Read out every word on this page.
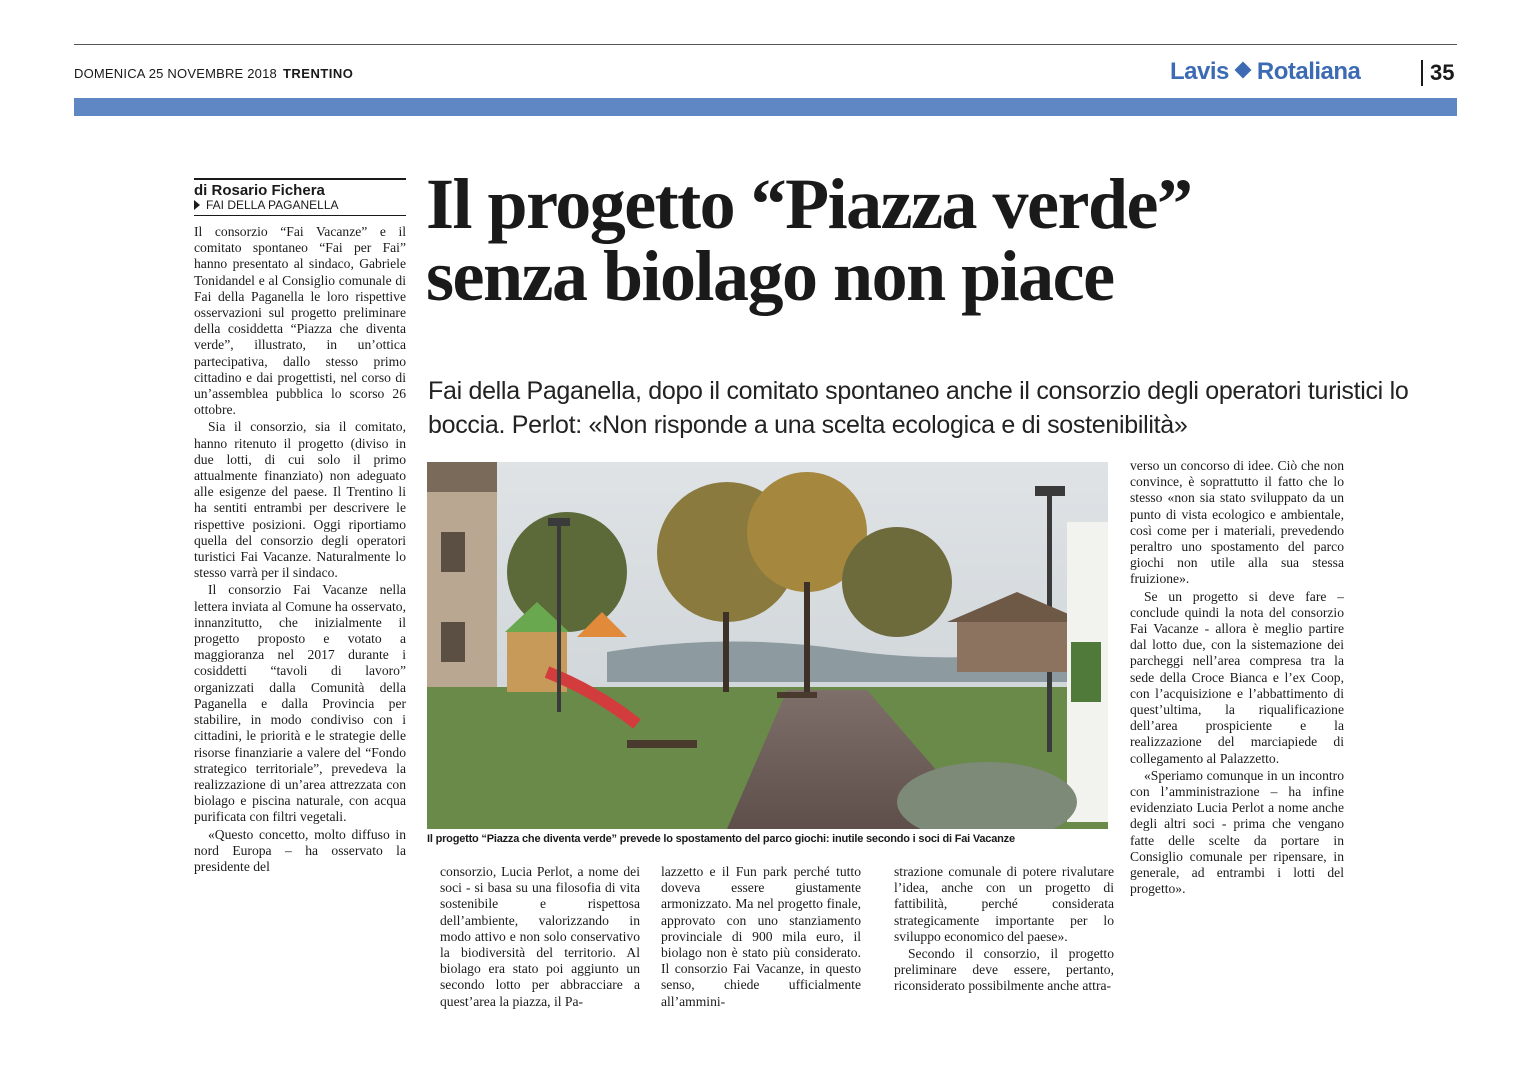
DOMENICA 25 NOVEMBRE 2018 TRENTINO	Lavis Rotaliana	35
di Rosario Fichera
FAI DELLA PAGANELLA	Il progetto “Piazza verde”
senza biolago non piace
Fai della Paganella, dopo il comitato spontaneo anche il consorzio degli operatori turistici lo boccia. Perlot: «Non risponde a una scelta ecologica e di sostenibilità»

Il consorzio “Fai Vacanze” e il comitato spontaneo “Fai per Fai” hanno presentato al sindaco, Gabriele Tonidandel e al Consiglio comunale di Fai della Paganella le loro rispettive osservazioni sul progetto preliminare della cosiddetta “Piazza che diventa verde”, illustrato, in un’ottica partecipativa, dallo stesso primo cittadino e dai progettisti, nel corso di un’assemblea pubblica lo scorso 26 ottobre.

Sia il consorzio, sia il comitato, hanno ritenuto il progetto (diviso in due lotti, di cui solo il primo attualmente finanziato) non adeguato alle esigenze del paese. Il Trentino li ha sentiti entrambi per descrivere le rispettive posizioni. Oggi riportiamo quella del consorzio degli operatori turistici Fai Vacanze. Naturalmente lo stesso varrà per il sindaco.

Il consorzio Fai Vacanze nella lettera inviata al Comune ha osservato, innanzitutto, che inizialmente il progetto proposto e votato a maggioranza nel 2017 durante i cosiddetti “tavoli di lavoro” organizzati dalla Comunità della Paganella e dalla Provincia per stabilire, in modo condiviso con i cittadini, le priorità e le strategie delle risorse finanziarie a valere del “Fondo strategico territoriale”, prevedeva la realizzazione di un’area attrezzata con biolago e piscina naturale, con acqua purificata con filtri vegetali.

«Questo concetto, molto diffuso in nord Europa – ha osservato la presidente del

Il progetto “Piazza che diventa verde” prevede lo spostamento del parco giochi: inutile secondo i soci di Fai Vacanze

consorzio, Lucia Perlot, a nome dei soci - si basa su una filosofia di vita sostenibile e rispettosa dell’ambiente, valorizzando in modo attivo e non solo conservativo la biodiversità del territorio. Al biolago era stato poi aggiunto un secondo lotto per abbracciare a quest’area la piazza, il Pa-

lazzetto e il Fun park perché tutto doveva essere giustamente armonizzato. Ma nel progetto finale, approvato con uno stanziamento provinciale di 900 mila euro, il biolago non è stato più considerato. Il consorzio Fai Vacanze, in questo senso, chiede ufficialmente all’ammini-

strazione comunale di potere rivalutare l’idea, anche con un progetto di fattibilità, perché considerata strategicamente importante per lo sviluppo economico del paese».

Secondo il consorzio, il progetto preliminare deve essere, pertanto, riconsiderato possibilmente anche attra-

verso un concorso di idee. Ciò che non convince, è soprattutto il fatto che lo stesso «non sia stato sviluppato da un punto di vista ecologico e ambientale, così come per i materiali, prevedendo peraltro uno spostamento del parco giochi non utile alla sua stessa fruizione».

Se un progetto si deve fare – conclude quindi la nota del consorzio Fai Vacanze - allora è meglio partire dal lotto due, con la sistemazione dei parcheggi nell’area compresa tra la sede della Croce Bianca e l’ex Coop, con l’acquisizione e l’abbattimento di quest’ultima, la riqualificazione dell’area prospiciente e la realizzazione del marciapiede di collegamento al Palazzetto.

«Speriamo comunque in un incontro con l’amministrazione – ha infine evidenziato Lucia Perlot a nome anche degli altri soci - prima che vengano fatte delle scelte da portare in Consiglio comunale per ripensare, in generale, ad entrambi i lotti del progetto».
